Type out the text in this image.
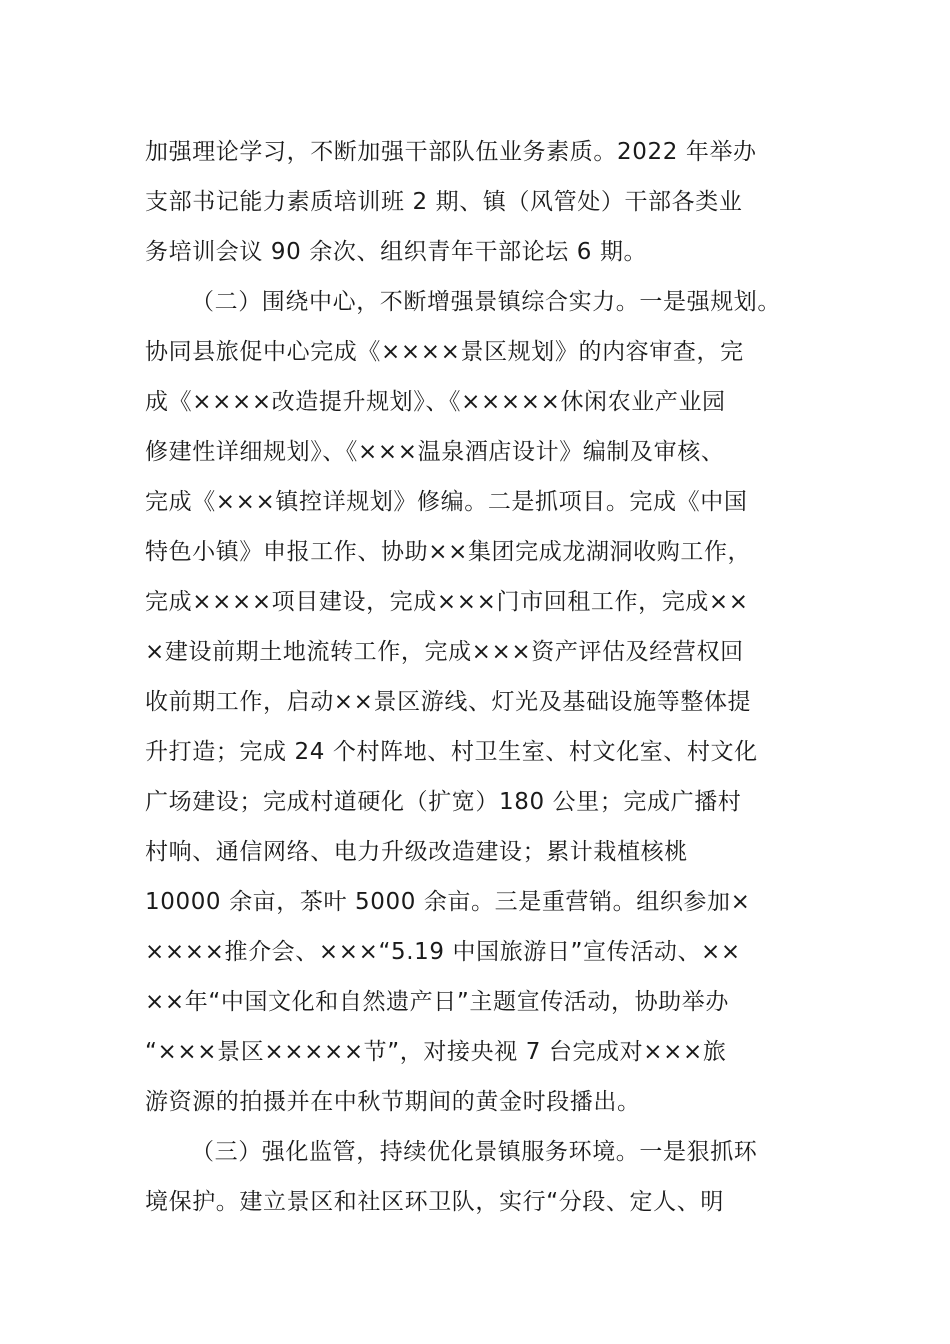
加强理论学习，不断加强干部队伍业务素质。2022 年举办
支部书记能力素质培训班 2 期、镇（风管处）干部各类业
务培训会议 90 余次、组织青年干部论坛 6 期。
（二）围绕中心，不断增强景镇综合实力。一是强规划。
协同县旅促中心完成《××××景区规划》的内容审查，完
成《××××改造提升规划》、《×××××休闲农业产业园
修建性详细规划》、《×××温泉酒店设计》编制及审核、
完成《×××镇控详规划》修编。二是抓项目。完成《中国
特色小镇》申报工作、协助××集团完成龙湖洞收购工作，
完成××××项目建设，完成×××门市回租工作，完成××
×建设前期土地流转工作，完成×××资产评估及经营权回
收前期工作，启动××景区游线、灯光及基础设施等整体提
升打造；完成 24 个村阵地、村卫生室、村文化室、村文化
广场建设；完成村道硬化（扩宽）180 公里；完成广播村
村响、通信网络、电力升级改造建设；累计栽植核桃
10000 余亩，茶叶 5000 余亩。三是重营销。组织参加×
××××推介会、×××“5.19 中国旅游日”宣传活动、××
××年“中国文化和自然遗产日”主题宣传活动，协助举办
“×××景区×××××节”，对接央视 7 台完成对×××旅
游资源的拍摄并在中秋节期间的黄金时段播出。
（三）强化监管，持续优化景镇服务环境。一是狠抓环
境保护。建立景区和社区环卫队，实行“分段、定人、明
